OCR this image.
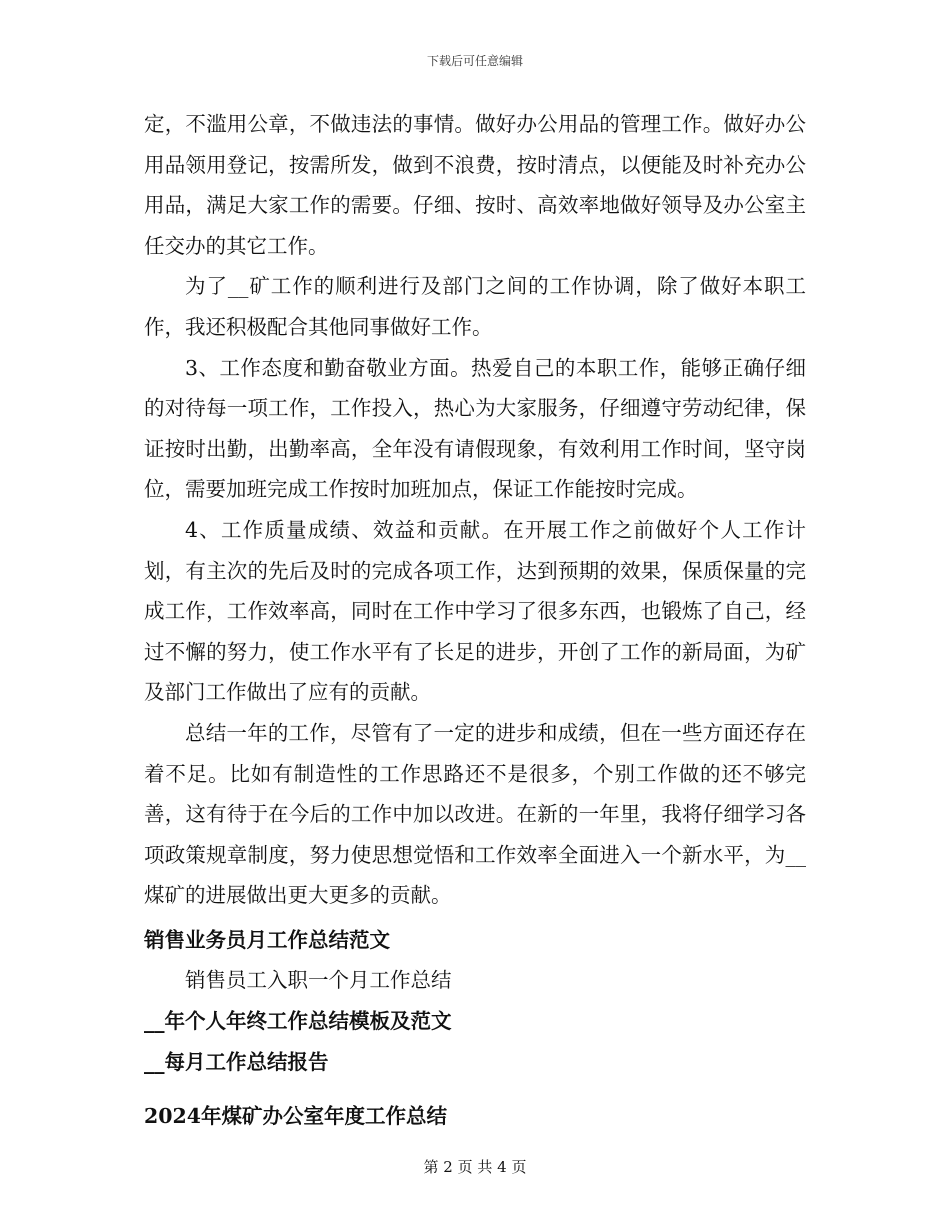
下载后可任意编辑

定，不滥用公章，不做违法的事情。做好办公用品的管理工作。做好办公用品领用登记，按需所发，做到不浪费，按时清点，以便能及时补充办公用品，满足大家工作的需要。仔细、按时、高效率地做好领导及办公室主任交办的其它工作。

为了__矿工作的顺利进行及部门之间的工作协调，除了做好本职工作，我还积极配合其他同事做好工作。

3、工作态度和勤奋敬业方面。热爱自己的本职工作，能够正确仔细的对待每一项工作，工作投入，热心为大家服务，仔细遵守劳动纪律，保证按时出勤，出勤率高，全年没有请假现象，有效利用工作时间，坚守岗位，需要加班完成工作按时加班加点，保证工作能按时完成。

4、工作质量成绩、效益和贡献。在开展工作之前做好个人工作计划，有主次的先后及时的完成各项工作，达到预期的效果，保质保量的完成工作，工作效率高，同时在工作中学习了很多东西，也锻炼了自己，经过不懈的努力，使工作水平有了长足的进步，开创了工作的新局面，为矿及部门工作做出了应有的贡献。

总结一年的工作，尽管有了一定的进步和成绩，但在一些方面还存在着不足。比如有制造性的工作思路还不是很多，个别工作做的还不够完善，这有待于在今后的工作中加以改进。在新的一年里，我将仔细学习各项政策规章制度，努力使思想觉悟和工作效率全面进入一个新水平，为__煤矿的进展做出更大更多的贡献。

销售业务员月工作总结范文

销售员工入职一个月工作总结

__年个人年终工作总结模板及范文

__每月工作总结报告

2024年煤矿办公室年度工作总结

第 2 页 共 4 页
